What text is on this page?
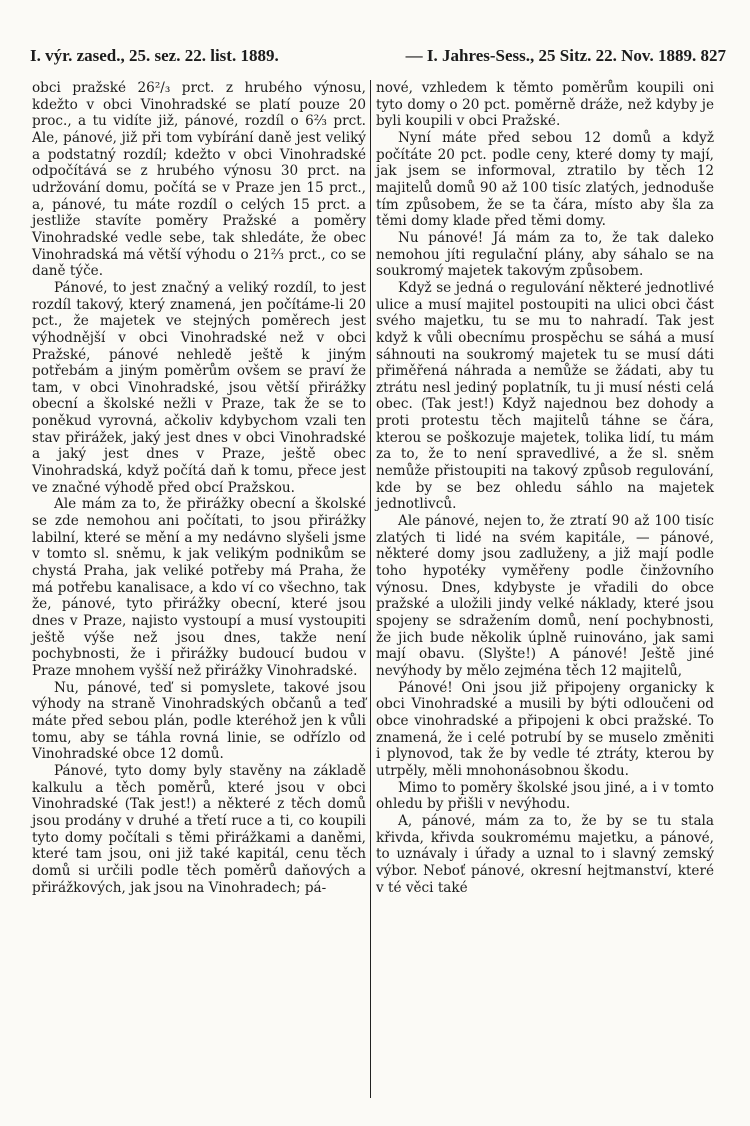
I. výr. zased., 25. sez. 22. list. 1889.	— I. Jahres-Sess., 25 Sitz. 22. Nov. 1889. 827

obci pražské 26²/₃ prct. z hrubého výnosu, kdežto v obci Vinohradské se platí pouze 20 proc., a tu vidíte již, pánové, rozdíl o 6⅔ prct. Ale, pánové, již při tom vybírání daně jest veliký a podstatný rozdíl; kdežto v obci Vinohradské odpočítává se z hrubého výnosu 30 prct. na udržování domu, počítá se v Praze jen 15 prct., a, pánové, tu máte rozdíl o celých 15 prct. a jestliže stavíte poměry Pražské a poměry Vinohradské vedle sebe, tak shledáte, že obec Vinohradská má větší výhodu o 21⅔ prct., co se daně týče.

Pánové, to jest značný a veliký rozdíl, to jest rozdíl takový, který znamená, jen počítáme-li 20 pct., že majetek ve stejných poměrech jest výhodnější v obci Vinohradské než v obci Pražské, pánové nehledě ještě k jiným potřebám a jiným poměrům ovšem se praví že tam, v obci Vinohradské, jsou větší přirážky obecní a školské nežli v Praze, tak že se to poněkud vyrovná, ačkoliv kdybychom vzali ten stav přirážek, jaký jest dnes v obci Vinohradské a jaký jest dnes v Praze, ještě obec Vinohradská, když počítá daň k tomu, přece jest ve značné výhodě před obcí Pražskou.

Ale mám za to, že přirážky obecní a školské se zde nemohou ani počítati, to jsou přirážky labilní, které se mění a my nedávno slyšeli jsme v tomto sl. sněmu, k jak velikým podnikům se chystá Praha, jak veliké potřeby má Praha, že má potřebu kanalisace, a kdo ví co všechno, tak že, pánové, tyto přirážky obecní, které jsou dnes v Praze, najisto vystoupí a musí vystoupiti ještě výše než jsou dnes, takže není pochybnosti, že i přirážky budoucí budou v Praze mnohem vyšší než přirážky Vinohradské.

Nu, pánové, teď si pomyslete, takové jsou výhody na straně Vinohradských občanů a teď máte před sebou plán, podle kteréhož jen k vůli tomu, aby se táhla rovná linie, se odřízlo od Vinohradské obce 12 domů.

Pánové, tyto domy byly stavěny na základě kalkulu a těch poměrů, které jsou v obci Vinohradské (Tak jest!) a některé z těch domů jsou prodány v druhé a třetí ruce a ti, co koupili tyto domy počítali s těmi přirážkami a daněmi, které tam jsou, oni již také kapitál, cenu těch domů si určili podle těch poměrů daňových a přirážkových, jak jsou na Vinohradech; pá-

nové, vzhledem k těmto poměrům koupili oni tyto domy o 20 pct. poměrně dráže, než kdyby je byli koupili v obci Pražské.

Nyní máte před sebou 12 domů a když počítáte 20 pct. podle ceny, které domy ty mají, jak jsem se informoval, ztratilo by těch 12 majitelů domů 90 až 100 tisíc zlatých, jednoduše tím způsobem, že se ta čára, místo aby šla za těmi domy klade před těmi domy.

Nu pánové! Já mám za to, že tak daleko nemohou jíti regulační plány, aby sáhalo se na soukromý majetek takovým způsobem.

Když se jedná o regulování některé jednotlivé ulice a musí majitel postoupiti na ulici obci část svého majetku, tu se mu to nahradí. Tak jest když k vůli obecnímu prospěchu se sáhá a musí sáhnouti na soukromý majetek tu se musí dáti přiměřená náhrada a nemůže se žádati, aby tu ztrátu nesl jediný poplatník, tu ji musí nésti celá obec. (Tak jest!) Když najednou bez dohody a proti protestu těch majitelů táhne se čára, kterou se poškozuje majetek, tolika lidí, tu mám za to, že to není spravedlivé, a že sl. sněm nemůže přistoupiti na takový způsob regulování, kde by se bez ohledu sáhlo na majetek jednotlivců.

Ale pánové, nejen to, že ztratí 90 až 100 tisíc zlatých ti lidé na svém kapitále, — pánové, některé domy jsou zadluženy, a již mají podle toho hypotéky vyměřeny podle činžovního výnosu. Dnes, kdybyste je vřadili do obce pražské a uložili jindy velké náklady, které jsou spojeny se sdražením domů, není pochybnosti, že jich bude několik úplně ruinováno, jak sami mají obavu. (Slyšte!) A pánové! Ještě jiné nevýhody by mělo zejména těch 12 majitelů,

Pánové! Oni jsou již připojeny organicky k obci Vinohradské a musili by býti odloučeni od obce vinohradské a připojeni k obci pražské. To znamená, že i celé potrubí by se muselo změniti i plynovod, tak že by vedle té ztráty, kterou by utrpěly, měli mnohonásobnou škodu.

Mimo to poměry školské jsou jiné, a i v tomto ohledu by přišli v nevýhodu.

A, pánové, mám za to, že by se tu stala křivda, křivda soukromému majetku, a pánové, to uznávaly i úřady a uznal to i slavný zemský výbor. Neboť pánové, okresní hejtmanství, které v té věci také
